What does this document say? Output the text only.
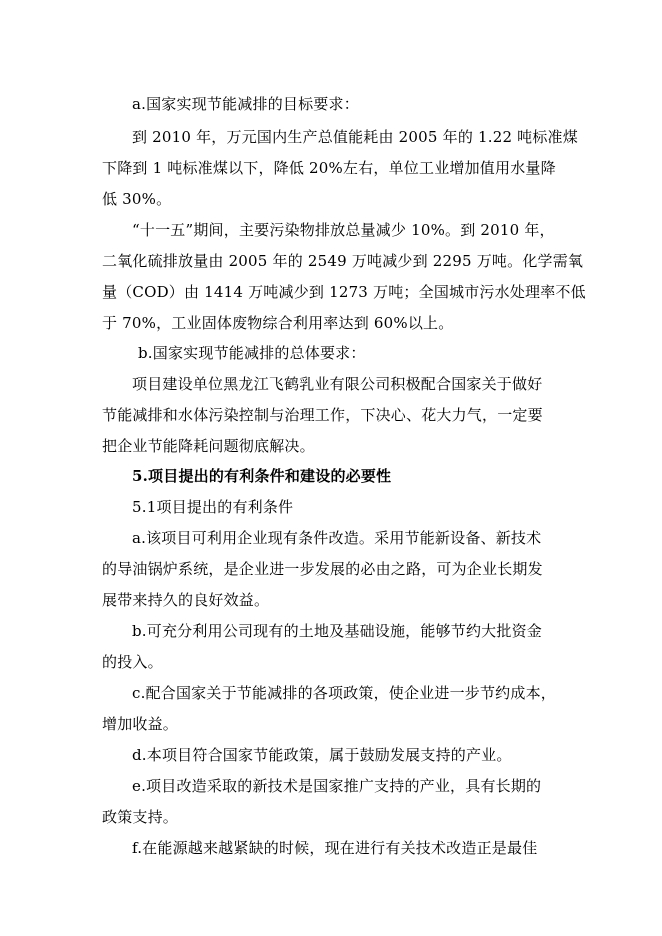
a.国家实现节能减排的目标要求：
到 2010 年，万元国内生产总值能耗由 2005 年的 1.22 吨标准煤
下降到 1 吨标准煤以下，降低 20%左右，单位工业增加值用水量降
低 30%。
“十一五”期间，主要污染物排放总量减少 10%。到 2010 年，
二氧化硫排放量由 2005 年的 2549 万吨减少到 2295 万吨。化学需氧
量（COD）由 1414 万吨减少到 1273 万吨；全国城市污水处理率不低
于 70%，工业固体废物综合利用率达到 60%以上。
b.国家实现节能减排的总体要求：
项目建设单位黑龙江飞鹤乳业有限公司积极配合国家关于做好
节能减排和水体污染控制与治理工作，下决心、花大力气，一定要
把企业节能降耗问题彻底解决。
5.项目提出的有利条件和建设的必要性
5.1项目提出的有利条件
a.该项目可利用企业现有条件改造。采用节能新设备、新技术
的导油锅炉系统，是企业进一步发展的必由之路，可为企业长期发
展带来持久的良好效益。
b.可充分利用公司现有的土地及基础设施，能够节约大批资金
的投入。
c.配合国家关于节能减排的各项政策，使企业进一步节约成本，
增加收益。
d.本项目符合国家节能政策，属于鼓励发展支持的产业。
e.项目改造采取的新技术是国家推广支持的产业，具有长期的
政策支持。
f.在能源越来越紧缺的时候，现在进行有关技术改造正是最佳
